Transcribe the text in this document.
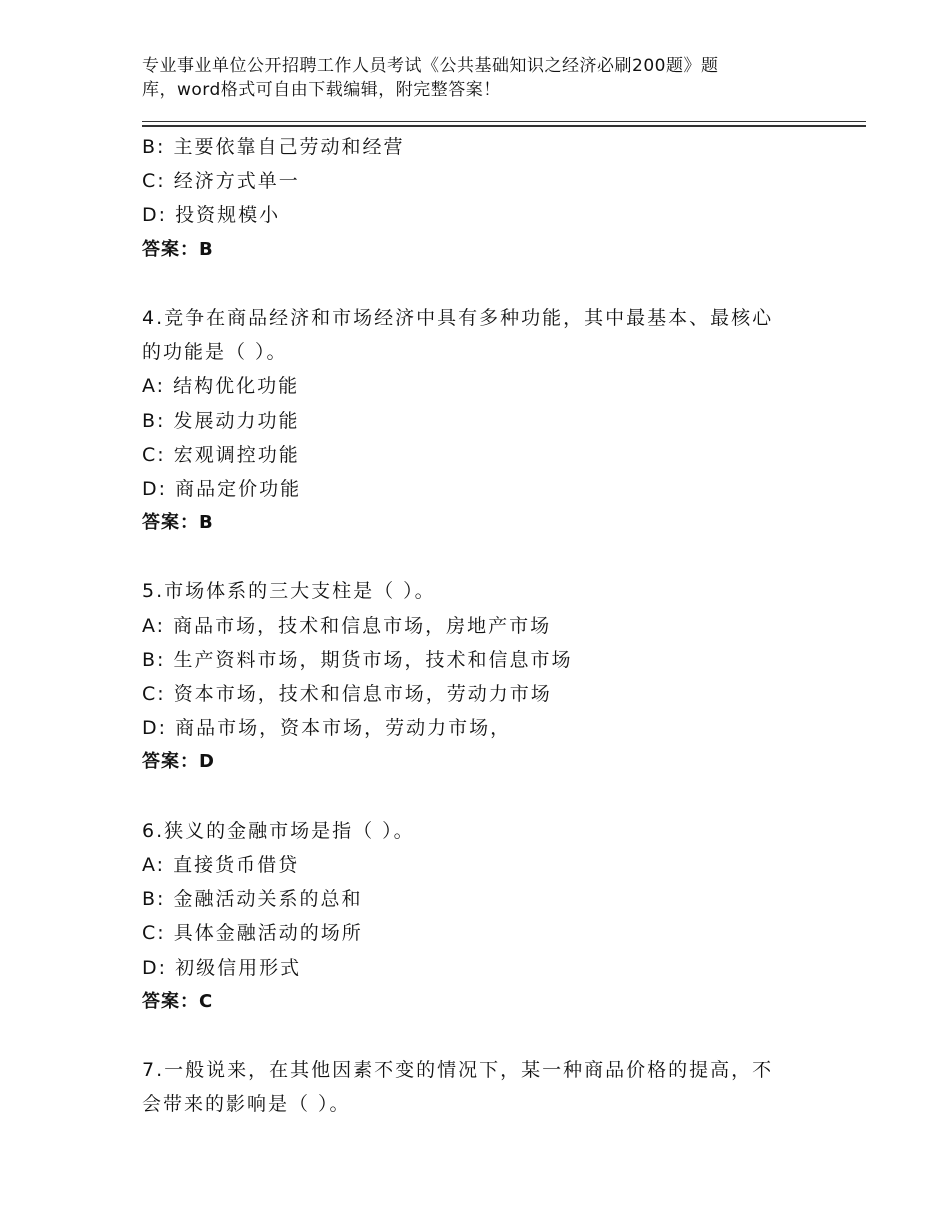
专业事业单位公开招聘工作人员考试《公共基础知识之经济必刷200题》题
库，word格式可自由下载编辑，附完整答案！
B: 主要依靠自己劳动和经营
C: 经济方式单一
D: 投资规模小
答案：B
4.竞争在商品经济和市场经济中具有多种功能，其中最基本、最核心
的功能是（ ）。
A: 结构优化功能
B: 发展动力功能
C: 宏观调控功能
D: 商品定价功能
答案：B
5.市场体系的三大支柱是（ ）。
A: 商品市场，技术和信息市场，房地产市场
B: 生产资料市场，期货市场，技术和信息市场
C: 资本市场，技术和信息市场，劳动力市场
D: 商品市场，资本市场，劳动力市场，
答案：D
6.狭义的金融市场是指（ ）。
A: 直接货币借贷
B: 金融活动关系的总和
C: 具体金融活动的场所
D: 初级信用形式
答案：C
7.一般说来，在其他因素不变的情况下，某一种商品价格的提高，不
会带来的影响是（ ）。
